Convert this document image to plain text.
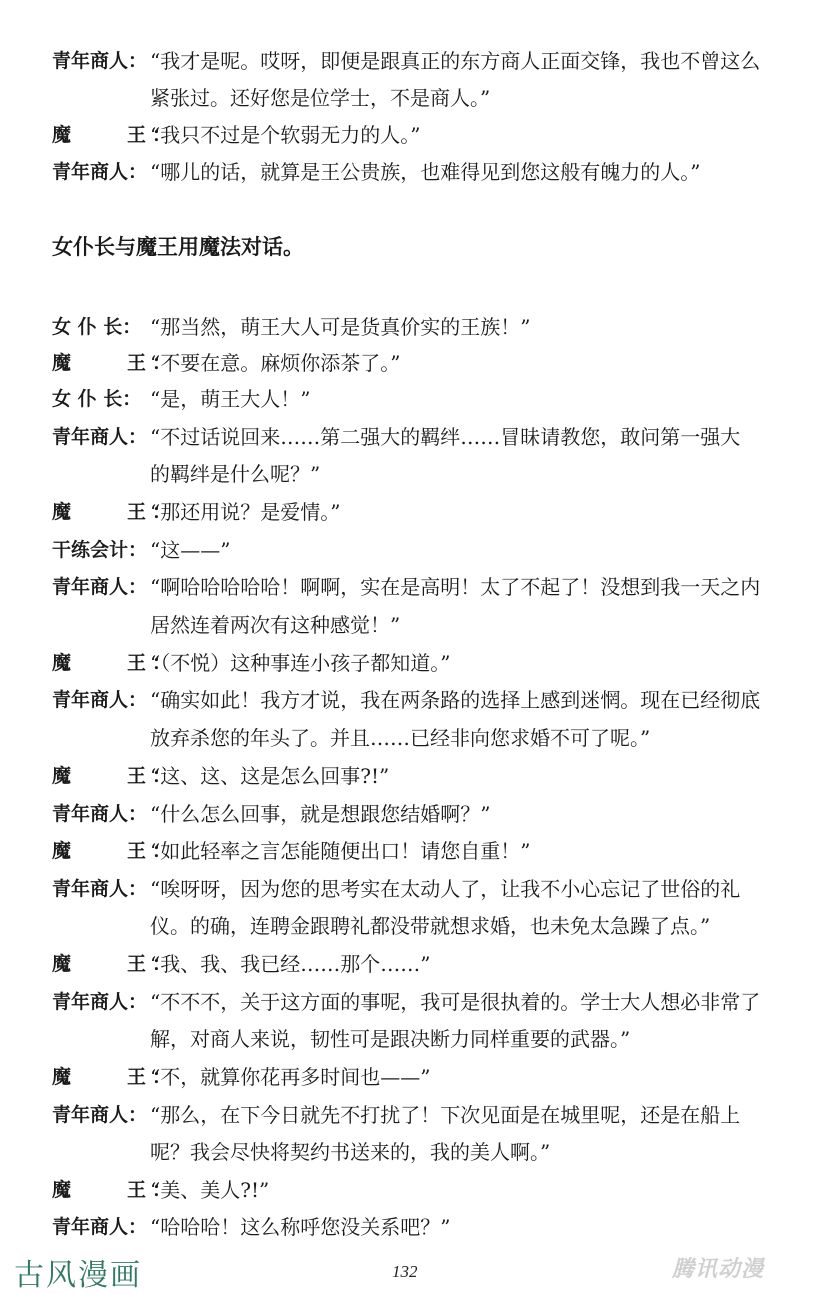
青年商人： “我才是呢。哎呀，即便是跟真正的东方商人正面交锋，我也不曾这么
紧张过。还好您是位学士，不是商人。”
魔　　王：
“我只不过是个软弱无力的人。”
青年商人： “哪儿的话，就算是王公贵族，也难得见到您这般有魄力的人。”
女仆长与魔王用魔法对话。
女 仆 长： “那当然，萌王大人可是货真价实的王族！”
魔　　王：
“不要在意。麻烦你添茶了。”
女 仆 长： “是，萌王大人！”
青年商人： “不过话说回来……第二强大的羁绊……冒昧请教您，敢问第一强大
的羁绊是什么呢？”
魔　　王：
“那还用说？是爱情。”
干练会计： “这——”
青年商人： “啊哈哈哈哈哈！啊啊，实在是高明！太了不起了！没想到我一天之内
居然连着两次有这种感觉！”
魔　　王：
“（不悦）这种事连小孩子都知道。”
青年商人： “确实如此！我方才说，我在两条路的选择上感到迷惘。现在已经彻底
放弃杀您的年头了。并且……已经非向您求婚不可了呢。”
魔　　王：
“这、这、这是怎么回事?!”
青年商人： “什么怎么回事，就是想跟您结婚啊？”
魔　　王：
“如此轻率之言怎能随便出口！请您自重！”
青年商人： “唉呀呀，因为您的思考实在太动人了，让我不小心忘记了世俗的礼
仪。的确，连聘金跟聘礼都没带就想求婚，也未免太急躁了点。”
魔　　王：
“我、我、我已经……那个……”
青年商人： “不不不，关于这方面的事呢，我可是很执着的。学士大人想必非常了
解，对商人来说，韧性可是跟决断力同样重要的武器。”
魔　　王：
“不，就算你花再多时间也——”
青年商人： “那么，在下今日就先不打扰了！下次见面是在城里呢，还是在船上
呢？我会尽快将契约书送来的，我的美人啊。”
魔　　王：
“美、美人?!”
青年商人： “哈哈哈！这么称呼您没关系吧？”
古风漫画	132	腾讯动漫
